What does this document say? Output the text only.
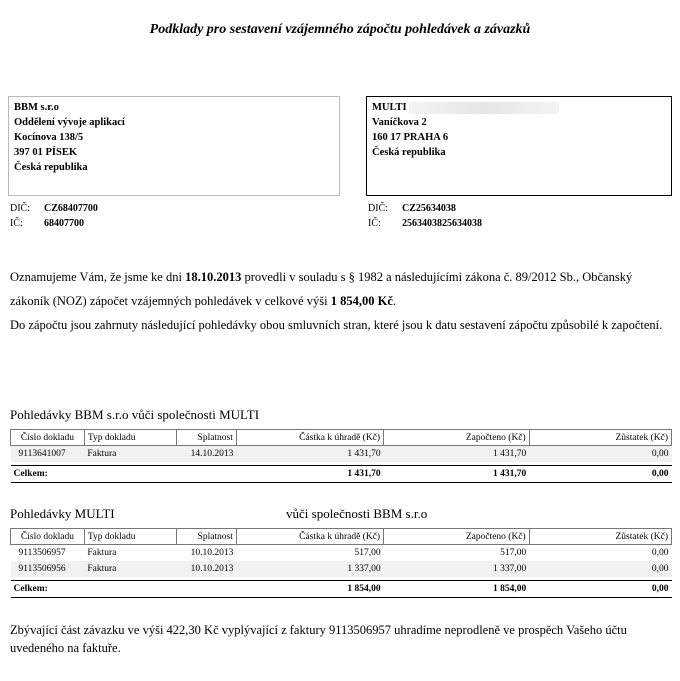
Podklady pro sestavení vzájemného zápočtu pohledávek a závazků
BBM s.r.o
Oddělení vývoje aplikací
Kocínova 138/5
397 01 PÍSEK
Česká republika
MULTI
Vaníčkova 2
160 17 PRAHA 6
Česká republika
DIČ: CZ68407700
IČ: 68407700
DIČ: CZ25634038
IČ: 2563403825634038
Oznamujeme Vám, že jsme ke dni 18.10.2013 provedli v souladu s § 1982 a následujícími zákona č. 89/2012 Sb., Občanský zákoník (NOZ) zápočet vzájemných pohledávek v celkové výši 1 854,00 Kč.
Do zápočtu jsou zahrnuty následující pohledávky obou smluvních stran, které jsou k datu sestavení zápočtu způsobilé k započtení.
Pohledávky BBM s.r.o vůči společnosti MULTI
Číslo dokladu	Typ dokladu	Splatnost	Částka k úhradě (Kč)	Započteno (Kč)	Zůstatek (Kč)
9113641007	Faktura	14.10.2013	1 431,70	1 431,70	0,00

Celkem:			1 431,70	1 431,70	0,00
Pohledávky MULTI	vůči společnosti BBM s.r.o
Číslo dokladu	Typ dokladu	Splatnost	Částka k úhradě (Kč)	Započteno (Kč)	Zůstatek (Kč)
9113506957	Faktura	10.10.2013	517,00	517,00	0,00
9113506956	Faktura	10.10.2013	1 337,00	1 337,00	0,00

Celkem:			1 854,00	1 854,00	0,00
Zbývající část závazku ve výši 422,30 Kč vyplývající z faktury 9113506957 uhradíme neprodleně ve prospěch Vašeho účtu uvedeného na faktuře.
